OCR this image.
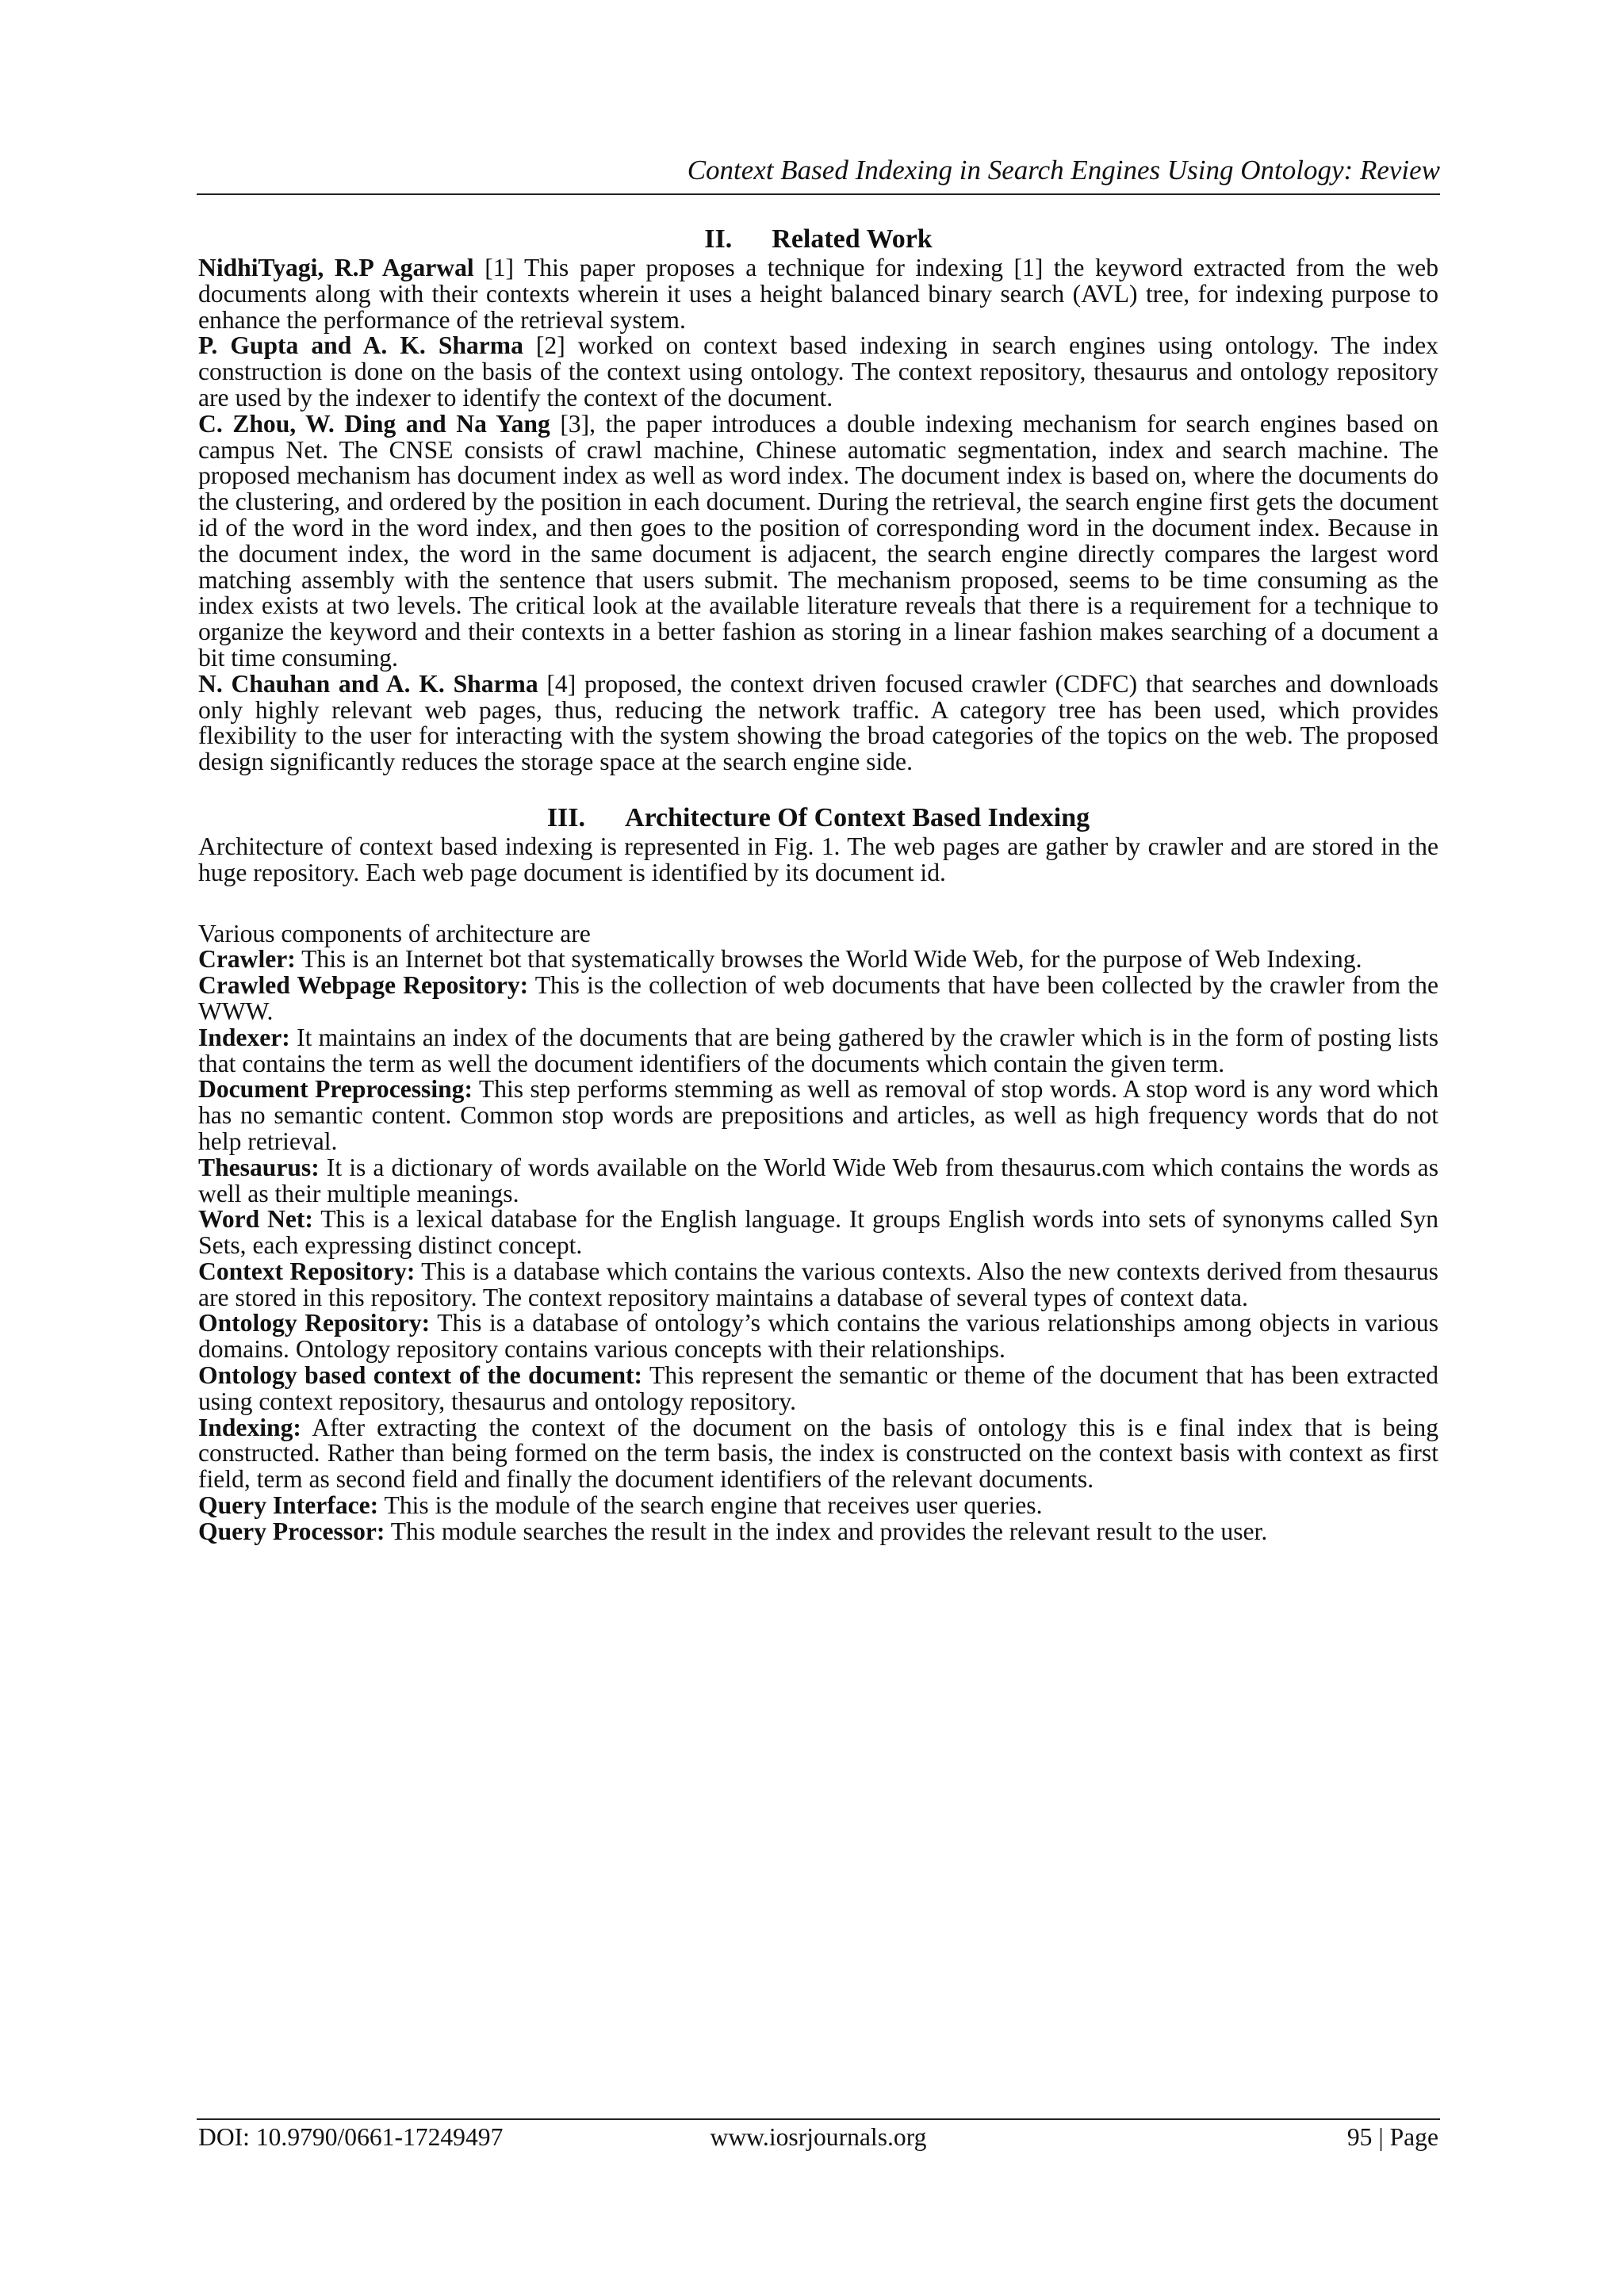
Context Based Indexing in Search Engines Using Ontology: Review
II. Related Work

NidhiTyagi, R.P Agarwal [1] This paper proposes a technique for indexing [1] the keyword extracted from the web documents along with their contexts wherein it uses a height balanced binary search (AVL) tree, for indexing purpose to enhance the performance of the retrieval system.

P. Gupta and A. K. Sharma [2] worked on context based indexing in search engines using ontology. The index construction is done on the basis of the context using ontology. The context repository, thesaurus and ontology repository are used by the indexer to identify the context of the document.

C. Zhou, W. Ding and Na Yang [3], the paper introduces a double indexing mechanism for search engines based on campus Net. The CNSE consists of crawl machine, Chinese automatic segmentation, index and search machine. The proposed mechanism has document index as well as word index. The document index is based on, where the documents do the clustering, and ordered by the position in each document. During the retrieval, the search engine first gets the document id of the word in the word index, and then goes to the position of corresponding word in the document index. Because in the document index, the word in the same document is adjacent, the search engine directly compares the largest word matching assembly with the sentence that users submit. The mechanism proposed, seems to be time consuming as the index exists at two levels. The critical look at the available literature reveals that there is a requirement for a technique to organize the keyword and their contexts in a better fashion as storing in a linear fashion makes searching of a document a bit time consuming.

N. Chauhan and A. K. Sharma [4] proposed, the context driven focused crawler (CDFC) that searches and downloads only highly relevant web pages, thus, reducing the network traffic. A category tree has been used, which provides flexibility to the user for interacting with the system showing the broad categories of the topics on the web. The proposed design significantly reduces the storage space at the search engine side.

III. Architecture Of Context Based Indexing

Architecture of context based indexing is represented in Fig. 1. The web pages are gather by crawler and are stored in the huge repository. Each web page document is identified by its document id.

Various components of architecture are

Crawler: This is an Internet bot that systematically browses the World Wide Web, for the purpose of Web Indexing.

Crawled Webpage Repository: This is the collection of web documents that have been collected by the crawler from the WWW.

Indexer: It maintains an index of the documents that are being gathered by the crawler which is in the form of posting lists that contains the term as well the document identifiers of the documents which contain the given term.

Document Preprocessing: This step performs stemming as well as removal of stop words. A stop word is any word which has no semantic content. Common stop words are prepositions and articles, as well as high frequency words that do not help retrieval.

Thesaurus: It is a dictionary of words available on the World Wide Web from thesaurus.com which contains the words as well as their multiple meanings.

Word Net: This is a lexical database for the English language. It groups English words into sets of synonyms called Syn Sets, each expressing distinct concept.

Context Repository: This is a database which contains the various contexts. Also the new contexts derived from thesaurus are stored in this repository. The context repository maintains a database of several types of context data.

Ontology Repository: This is a database of ontology’s which contains the various relationships among objects in various domains. Ontology repository contains various concepts with their relationships.

Ontology based context of the document: This represent the semantic or theme of the document that has been extracted using context repository, thesaurus and ontology repository.

Indexing: After extracting the context of the document on the basis of ontology this is e final index that is being constructed. Rather than being formed on the term basis, the index is constructed on the context basis with context as first field, term as second field and finally the document identifiers of the relevant documents.

Query Interface: This is the module of the search engine that receives user queries.

Query Processor: This module searches the result in the index and provides the relevant result to the user.

DOI: 10.9790/0661-17249497	www.iosrjournals.org	95 | Page
